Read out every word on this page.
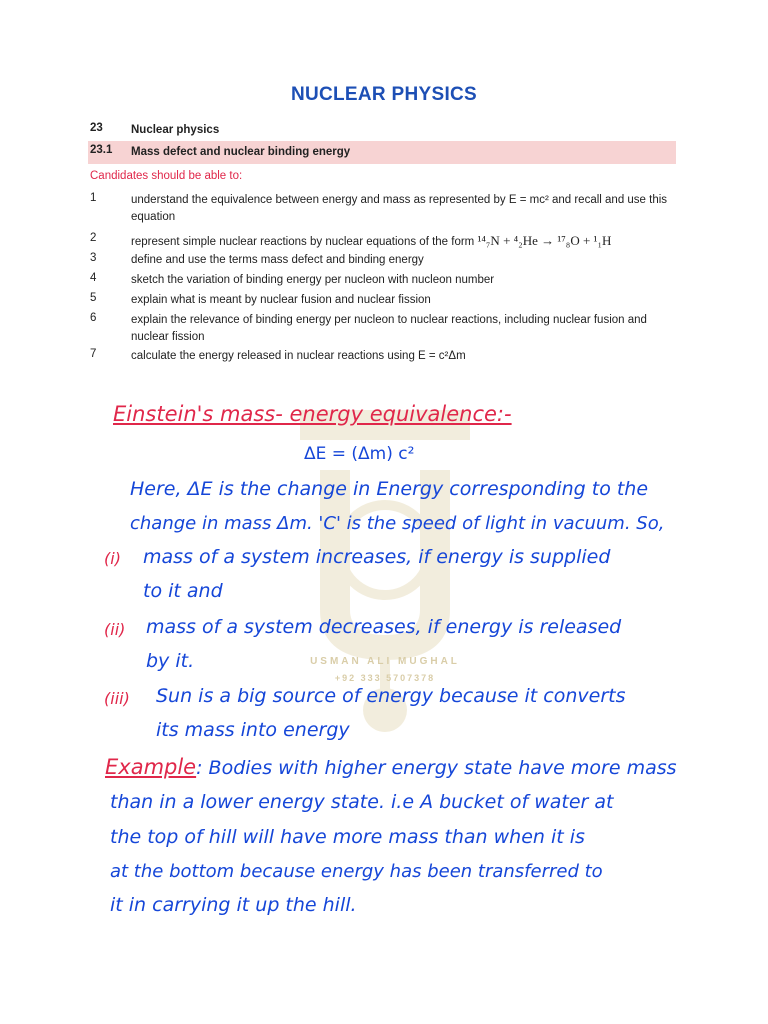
NUCLEAR PHYSICS
23 Nuclear physics
23.1 Mass defect and nuclear binding energy
Candidates should be able to:
1	understand the equivalence between energy and mass as represented by E = mc² and recall and use this equation
2	represent simple nuclear reactions by nuclear equations of the form ¹⁴₇N + ⁴₂He → ¹⁷₈O + ¹₁H
3	define and use the terms mass defect and binding energy
4	sketch the variation of binding energy per nucleon with nucleon number
5	explain what is meant by nuclear fusion and nuclear fission
6	explain the relevance of binding energy per nucleon to nuclear reactions, including nuclear fusion and nuclear fission
7	calculate the energy released in nuclear reactions using E = c²Δm
USMAN ALI MUGHAL
+92 333 5707378
Einstein's mass- energy equivalence:-
ΔE = (Δm) c²
Here, ΔE is the change in Energy corresponding to the
change in mass Δm. 'C' is the speed of light in vacuum. So,
(i) mass of a system increases, if energy is supplied
to it and
(ii) mass of a system decreases, if energy is released
by it.
(iii) Sun is a big source of energy because it converts
its mass into energy
Example: Bodies with higher energy state have more mass
than in a lower energy state. i.e A bucket of water at
the top of hill will have more mass than when it is
at the bottom because energy has been transferred to
it in carrying it up the hill.
